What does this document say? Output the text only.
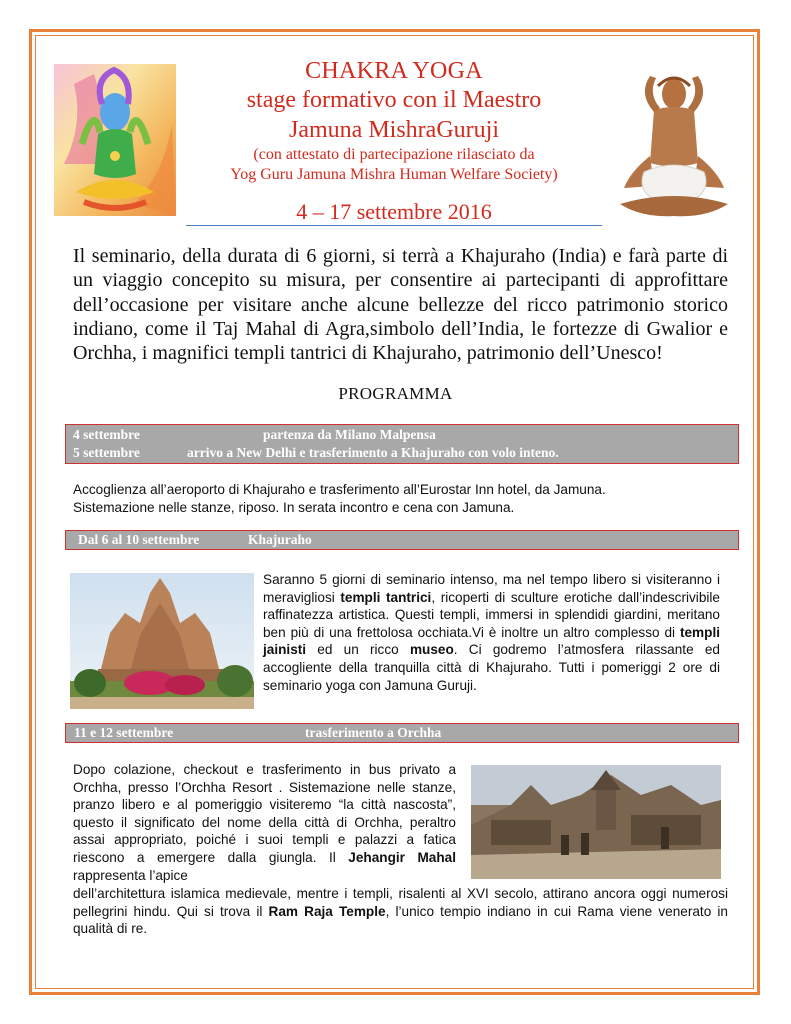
CHAKRA YOGA
stage formativo con il Maestro
Jamuna MishraGuruji
(con attestato di partecipazione rilasciato da
Yog Guru Jamuna Mishra Human Welfare Society)
4 – 17 settembre 2016

Il seminario, della durata di 6 giorni, si terrà a Khajuraho (India) e farà parte di un viaggio concepito su misura, per consentire ai partecipanti di approfittare dell’occasione per visitare anche alcune bellezze del ricco patrimonio storico indiano, come il Taj Mahal di Agra,simbolo dell’India, le fortezze di Gwalior e Orchha, i magnifici templi tantrici di Khajuraho, patrimonio dell’Unesco!

PROGRAMMA
4 settembre	partenza da Milano Malpensa
5 settembre	arrivo a New Delhi e trasferimento a Khajuraho con volo inteno.

Accoglienza all’aeroporto di Khajuraho e trasferimento all’Eurostar Inn hotel, da Jamuna.

Sistemazione nelle stanze, riposo. In serata incontro e cena con Jamuna.

Dal 6 al 10 settembre	Khajuraho

Saranno 5 giorni di seminario intenso, ma nel tempo libero si visiteranno i meravigliosi templi tantrici, ricoperti di sculture erotiche dall’indescrivibile raffinatezza artistica. Questi templi, immersi in splendidi giardini, meritano ben più di una frettolosa occhiata.Vi è inoltre un altro complesso di templi jainisti ed un ricco museo. Ci godremo l’atmosfera rilassante ed accogliente della tranquilla città di Khajuraho. Tutti i pomeriggi 2 ore di seminario yoga con Jamuna Guruji.

11 e 12 settembre	trasferimento a Orchha

Dopo colazione, checkout e trasferimento in bus privato a Orchha, presso l’Orchha Resort . Sistemazione nelle stanze, pranzo libero e al pomeriggio visiteremo “la città nascosta”, questo il significato del nome della città di Orchha, peraltro assai appropriato, poiché i suoi templi e palazzi a fatica riescono a emergere dalla giungla. Il Jehangir Mahal rappresenta l’apice

dell’architettura islamica medievale, mentre i templi, risalenti al XVI secolo, attirano ancora oggi numerosi pellegrini hindu. Qui si trova il Ram Raja Temple, l’unico tempio indiano in cui Rama viene venerato in qualità di re.
